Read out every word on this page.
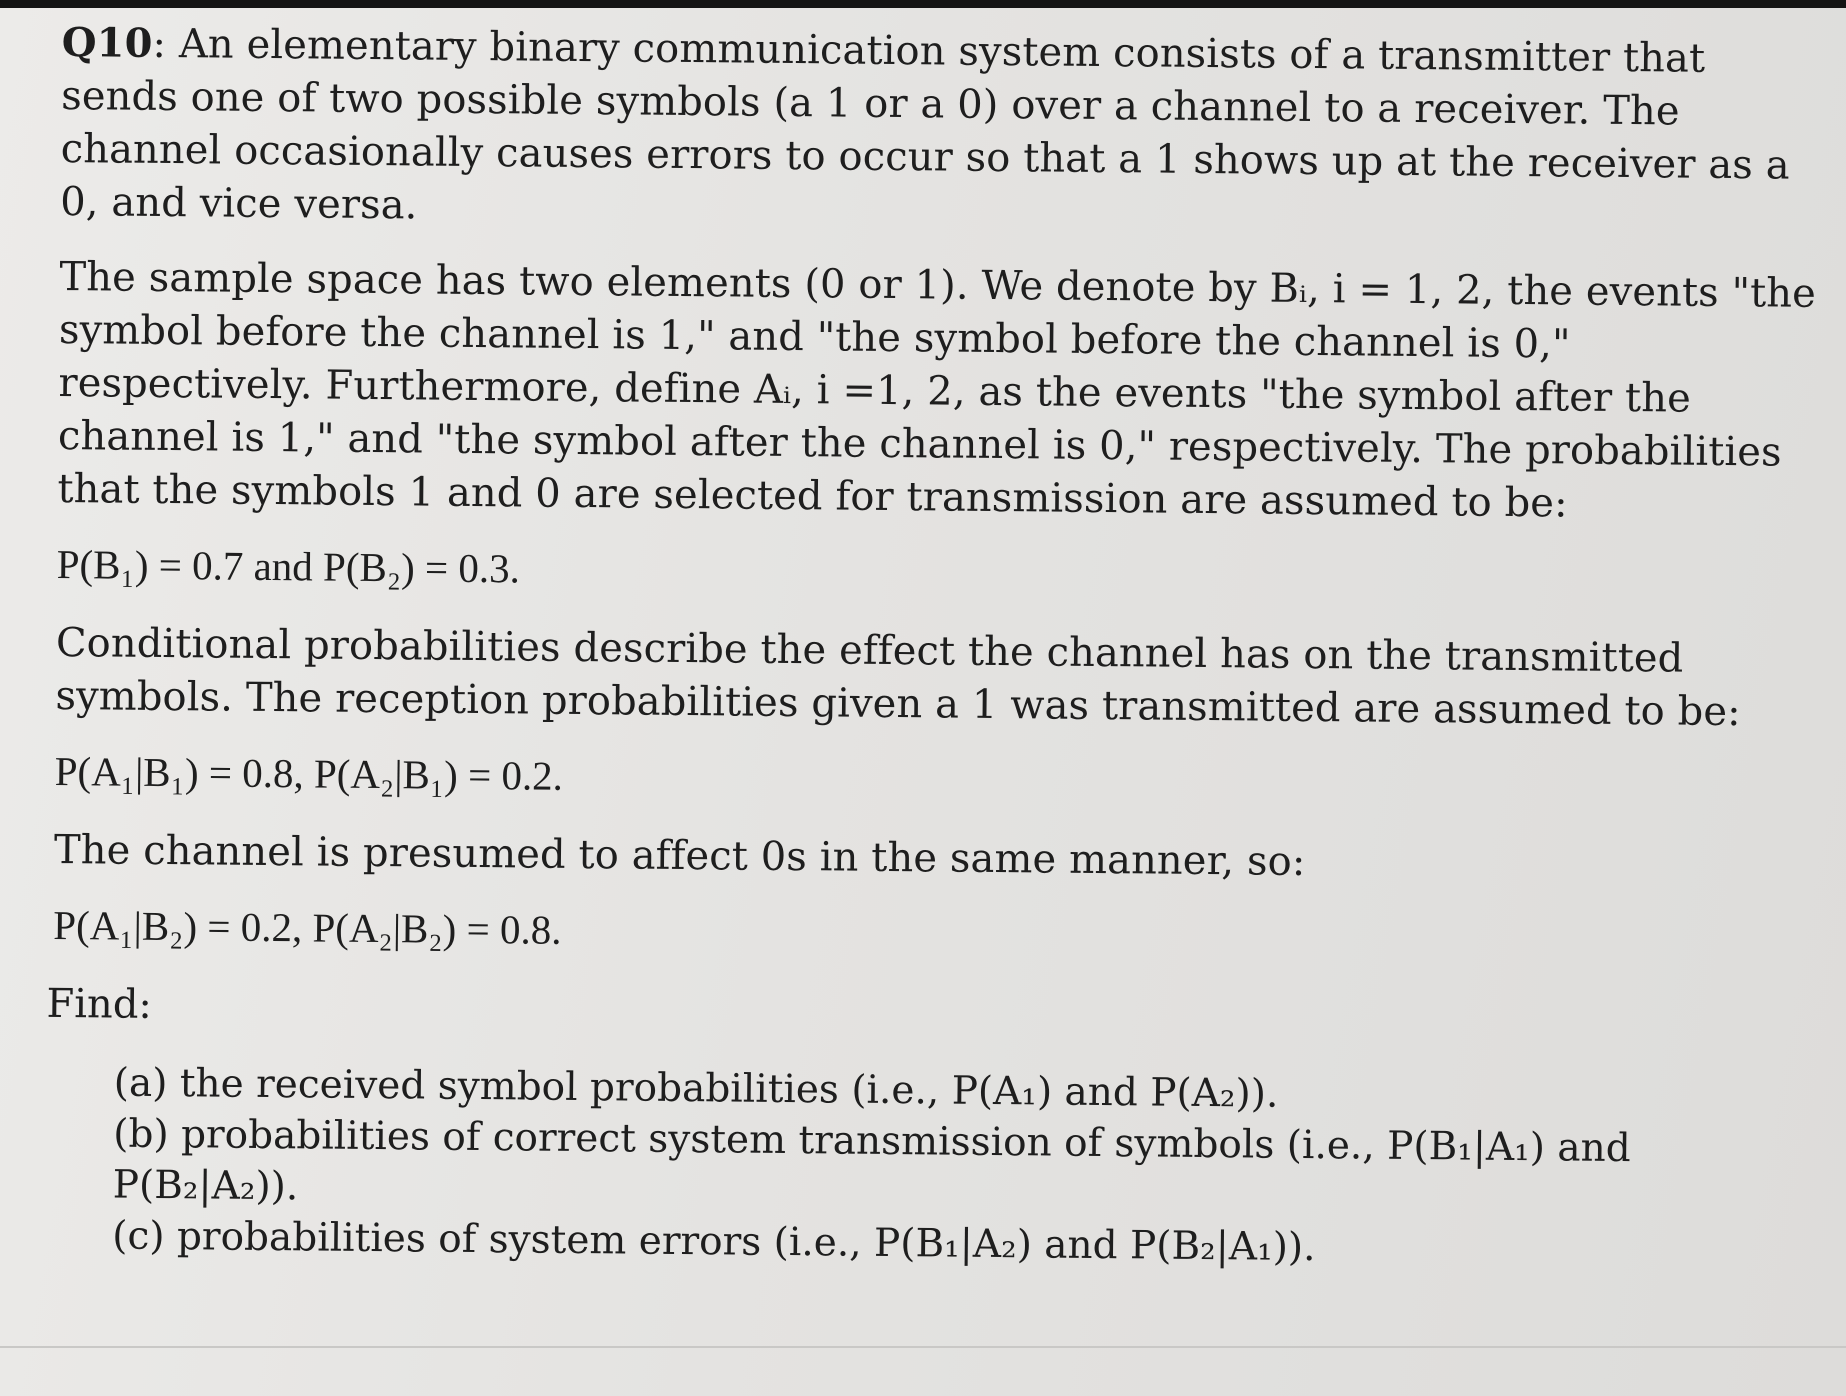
Q10: An elementary binary communication system consists of a transmitter that sends one of two possible symbols (a 1 or a 0) over a channel to a receiver. The channel occasionally causes errors to occur so that a 1 shows up at the receiver as a 0, and vice versa.

The sample space has two elements (0 or 1). We denote by Bᵢ, i = 1, 2, the events "the symbol before the channel is 1," and "the symbol before the channel is 0," respectively. Furthermore, define Aᵢ, i =1, 2, as the events "the symbol after the channel is 1," and "the symbol after the channel is 0," respectively. The probabilities that the symbols 1 and 0 are selected for transmission are assumed to be:

P(B₁) = 0.7 and P(B₂) = 0.3.

Conditional probabilities describe the effect the channel has on the transmitted symbols. The reception probabilities given a 1 was transmitted are assumed to be:

P(A₁|B₁) = 0.8, P(A₂|B₁) = 0.2.

The channel is presumed to affect 0s in the same manner, so:

P(A₁|B₂) = 0.2, P(A₂|B₂) = 0.8.

Find:

(a) the received symbol probabilities (i.e., P(A₁) and P(A₂)).
(b) probabilities of correct system transmission of symbols (i.e., P(B₁|A₁) and P(B₂|A₂)).
(c) probabilities of system errors (i.e., P(B₁|A₂) and P(B₂|A₁)).
